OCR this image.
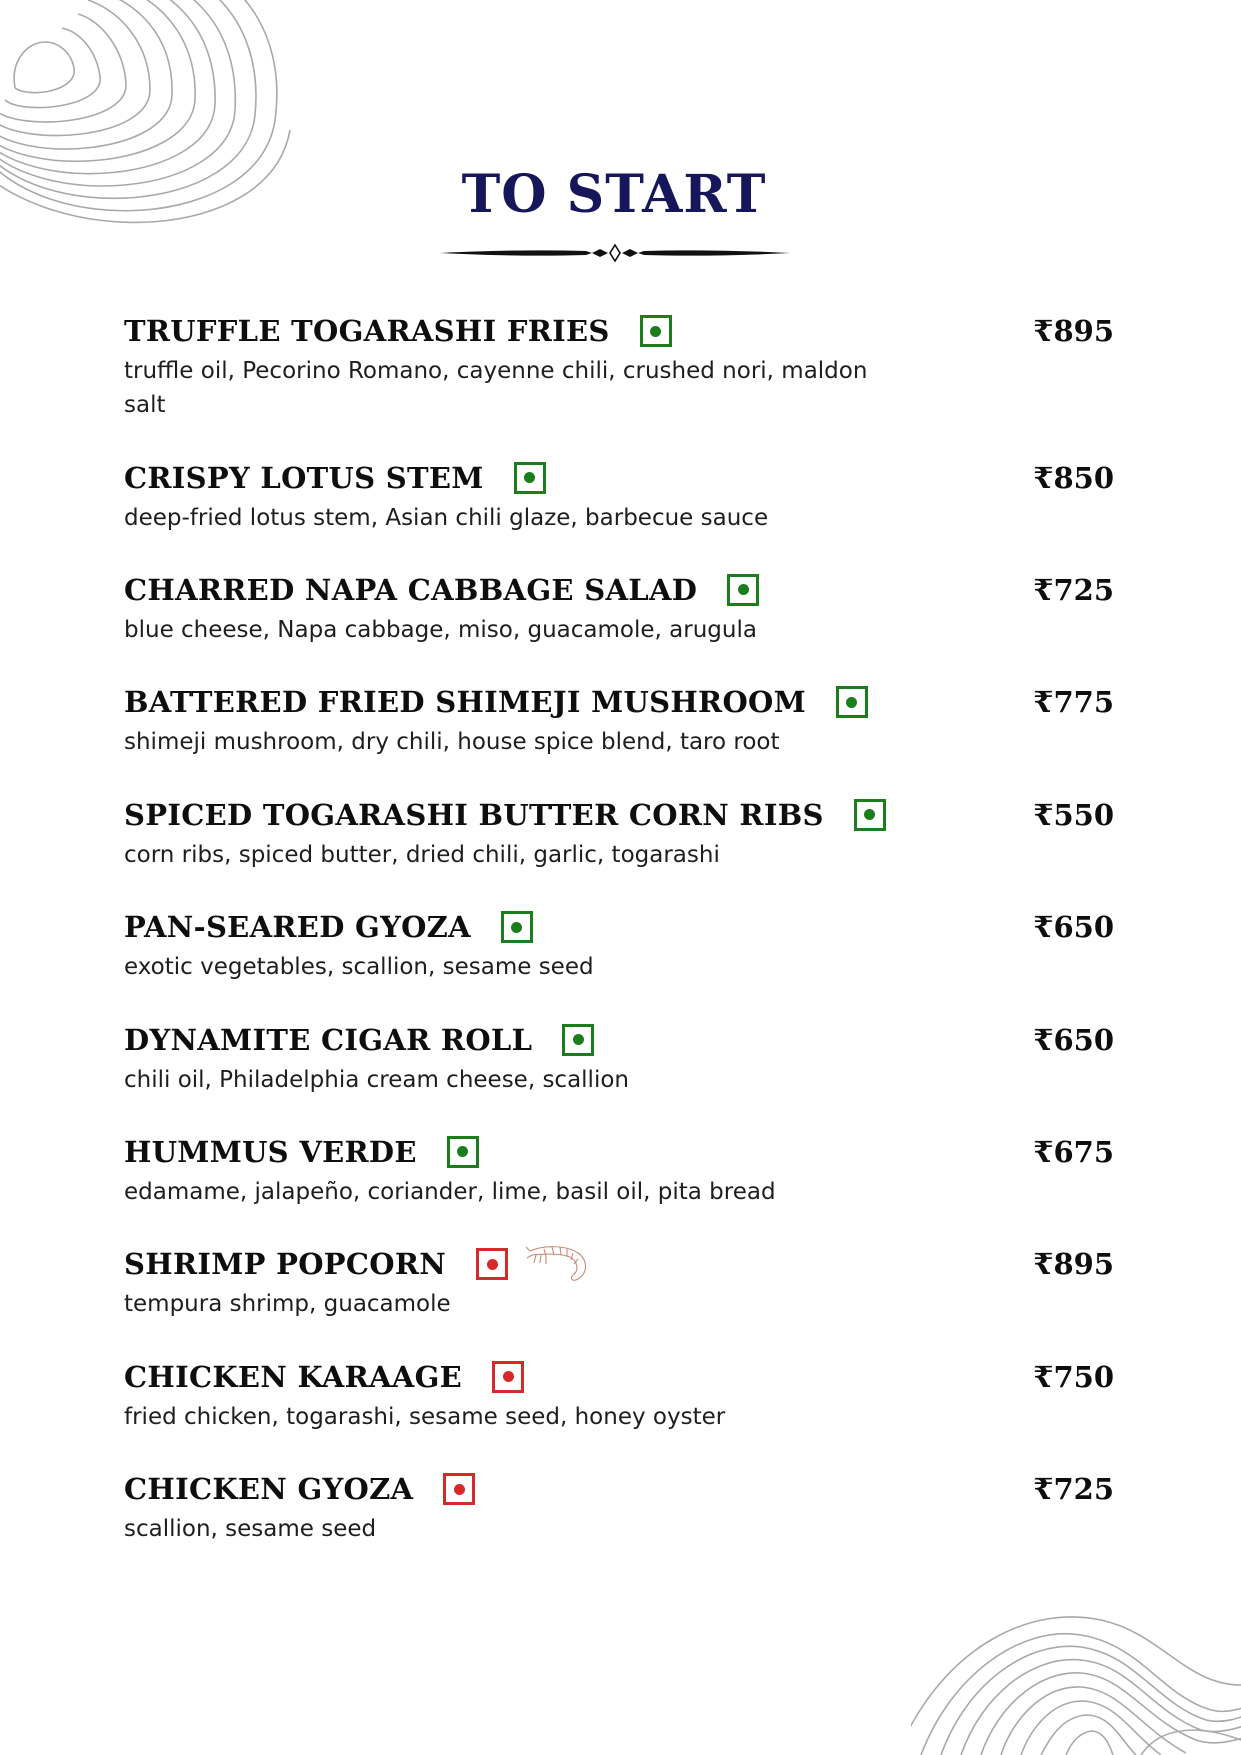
TO START
TRUFFLE TOGARASHI FRIES	₹895
truffle oil, Pecorino Romano, cayenne chili, crushed nori, maldon salt
CRISPY LOTUS STEM	₹850
deep-fried lotus stem, Asian chili glaze, barbecue sauce
CHARRED NAPA CABBAGE SALAD	₹725
blue cheese, Napa cabbage, miso, guacamole, arugula
BATTERED FRIED SHIMEJI MUSHROOM	₹775
shimeji mushroom, dry chili, house spice blend, taro root
SPICED TOGARASHI BUTTER CORN RIBS	₹550
corn ribs, spiced butter, dried chili, garlic, togarashi
PAN-SEARED GYOZA	₹650
exotic vegetables, scallion, sesame seed
DYNAMITE CIGAR ROLL	₹650
chili oil, Philadelphia cream cheese, scallion
HUMMUS VERDE	₹675
edamame, jalapeño, coriander, lime, basil oil, pita bread
SHRIMP POPCORN	₹895
tempura shrimp, guacamole
CHICKEN KARAAGE	₹750
fried chicken, togarashi, sesame seed, honey oyster
CHICKEN GYOZA	₹725
scallion, sesame seed
